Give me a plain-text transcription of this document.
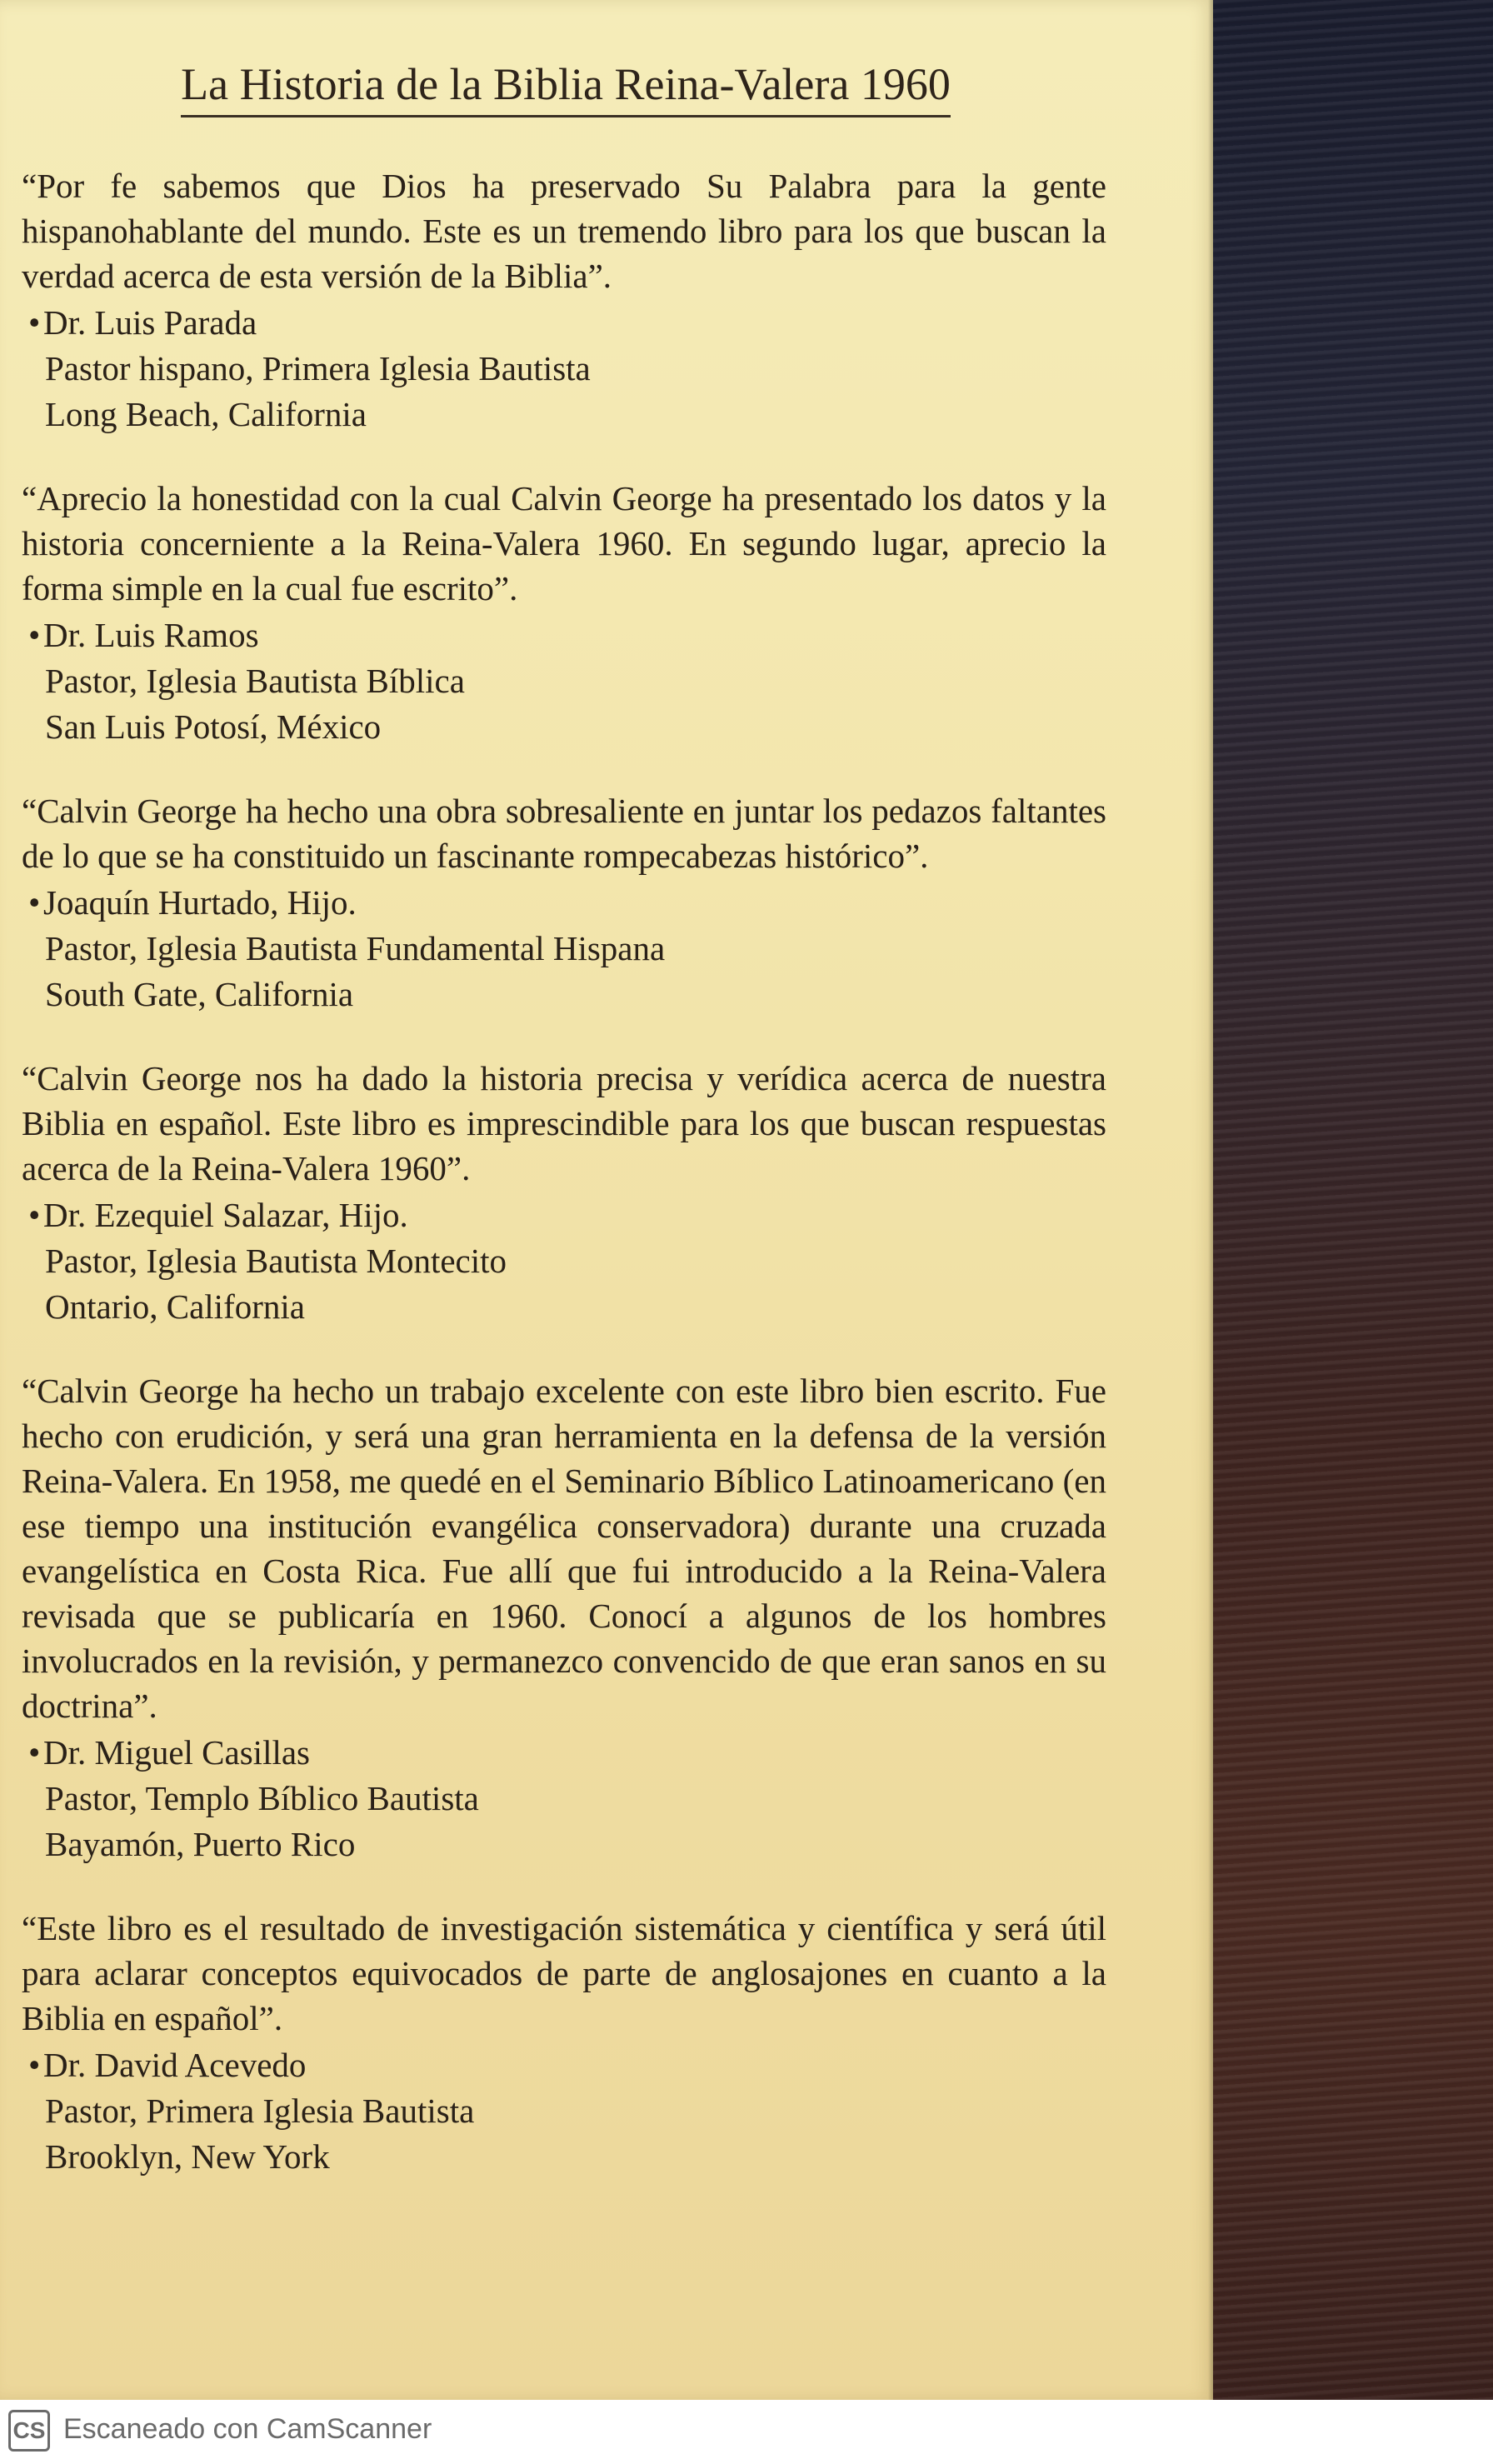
La Historia de la Biblia Reina-Valera 1960

“Por fe sabemos que Dios ha preservado Su Palabra para la gente hispanohablante del mundo. Este es un tremendo libro para los que buscan la verdad acerca de esta versión de la Biblia”.

•Dr. Luis Parada
Pastor hispano, Primera Iglesia Bautista
Long Beach, California

“Aprecio la honestidad con la cual Calvin George ha presentado los datos y la historia concerniente a la Reina-Valera 1960. En segundo lugar, aprecio la forma simple en la cual fue escrito”.

•Dr. Luis Ramos
Pastor, Iglesia Bautista Bíblica
San Luis Potosí, México

“Calvin George ha hecho una obra sobresaliente en juntar los pedazos faltantes de lo que se ha constituido un fascinante rompecabezas histórico”.

•Joaquín Hurtado, Hijo.
Pastor, Iglesia Bautista Fundamental Hispana
South Gate, California

“Calvin George nos ha dado la historia precisa y verídica acerca de nuestra Biblia en español. Este libro es imprescindible para los que buscan respuestas acerca de la Reina-Valera 1960”.

•Dr. Ezequiel Salazar, Hijo.
Pastor, Iglesia Bautista Montecito
Ontario, California

“Calvin George ha hecho un trabajo excelente con este libro bien escrito. Fue hecho con erudición, y será una gran herramienta en la defensa de la versión Reina-Valera. En 1958, me quedé en el Seminario Bíblico Latinoamericano (en ese tiempo una institución evangélica conservadora) durante una cruzada evangelística en Costa Rica. Fue allí que fui introducido a la Reina-Valera revisada que se publicaría en 1960. Conocí a algunos de los hombres involucrados en la revisión, y permanezco convencido de que eran sanos en su doctrina”.

•Dr. Miguel Casillas
Pastor, Templo Bíblico Bautista
Bayamón, Puerto Rico

“Este libro es el resultado de investigación sistemática y científica y será útil para aclarar conceptos equivocados de parte de anglosajones en cuanto a la Biblia en español”.

•Dr. David Acevedo
Pastor, Primera Iglesia Bautista
Brooklyn, New York
CS Escaneado con CamScanner
